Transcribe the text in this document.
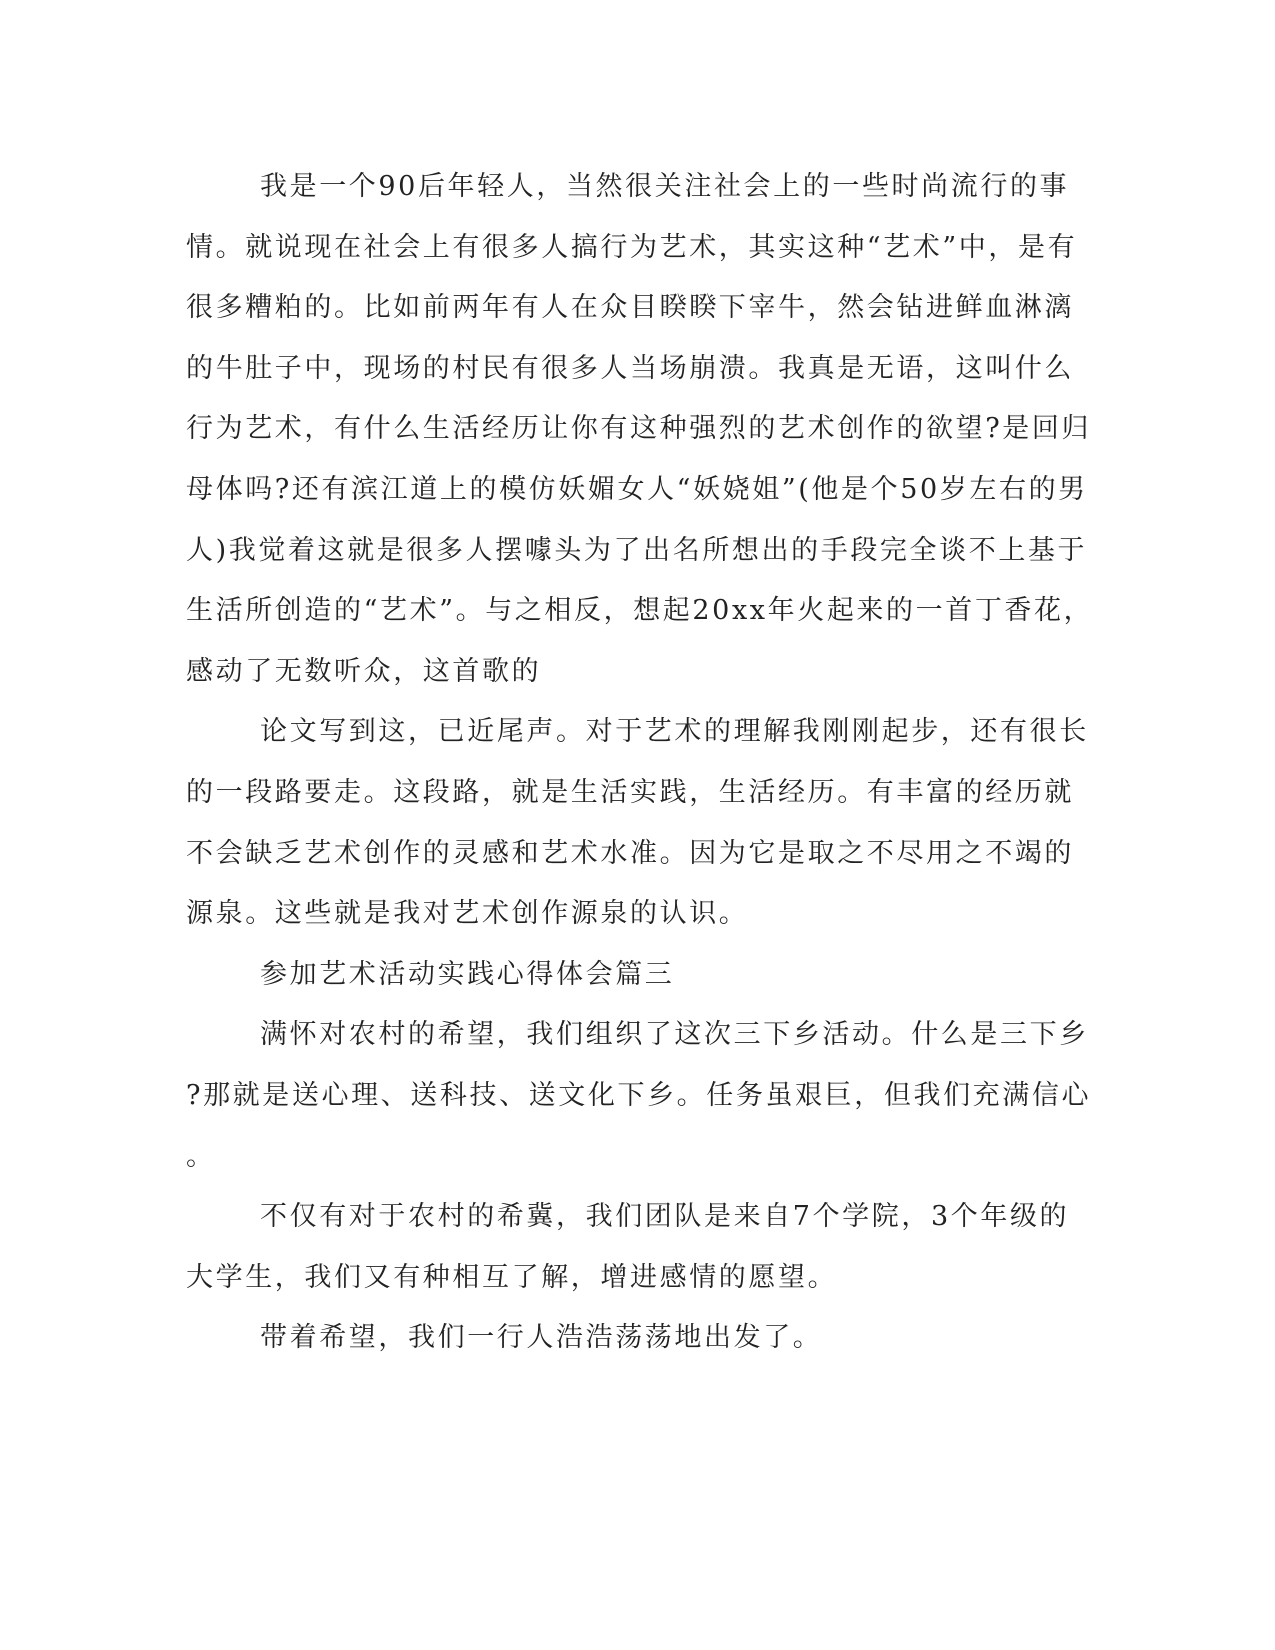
我是一个90后年轻人，当然很关注社会上的一些时尚流行的事
情。就说现在社会上有很多人搞行为艺术，其实这种“艺术”中，是有
很多糟粕的。比如前两年有人在众目睽睽下宰牛，然会钻进鲜血淋漓
的牛肚子中，现场的村民有很多人当场崩溃。我真是无语，这叫什么
行为艺术，有什么生活经历让你有这种强烈的艺术创作的欲望?是回归
母体吗?还有滨江道上的模仿妖媚女人“妖娆姐”(他是个50岁左右的男
人)我觉着这就是很多人摆噱头为了出名所想出的手段完全谈不上基于
生活所创造的“艺术”。与之相反，想起20xx年火起来的一首丁香花，
感动了无数听众，这首歌的
论文写到这，已近尾声。对于艺术的理解我刚刚起步，还有很长
的一段路要走。这段路，就是生活实践，生活经历。有丰富的经历就
不会缺乏艺术创作的灵感和艺术水准。因为它是取之不尽用之不竭的
源泉。这些就是我对艺术创作源泉的认识。
参加艺术活动实践心得体会篇三
满怀对农村的希望，我们组织了这次三下乡活动。什么是三下乡
?那就是送心理、送科技、送文化下乡。任务虽艰巨，但我们充满信心
。
不仅有对于农村的希冀，我们团队是来自7个学院，3个年级的
大学生，我们又有种相互了解，增进感情的愿望。
带着希望，我们一行人浩浩荡荡地出发了。
